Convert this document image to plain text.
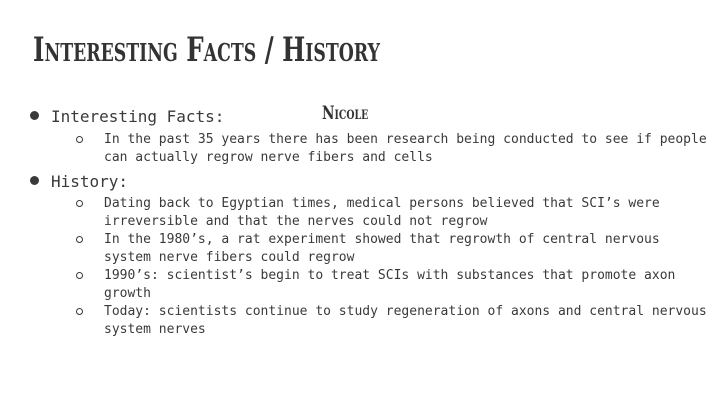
Interesting Facts / History
Nicole
Interesting Facts:
In the past 35 years there has been research being conducted to see if people can actually regrow nerve fibers and cells
History:
Dating back to Egyptian times, medical persons believed that SCI’s were irreversible and that the nerves could not regrow
In the 1980’s, a rat experiment showed that regrowth of central nervous system nerve fibers could regrow
1990’s: scientist’s begin to treat SCIs with substances that promote axon growth
Today: scientists continue to study regeneration of axons and central nervous system nerves
